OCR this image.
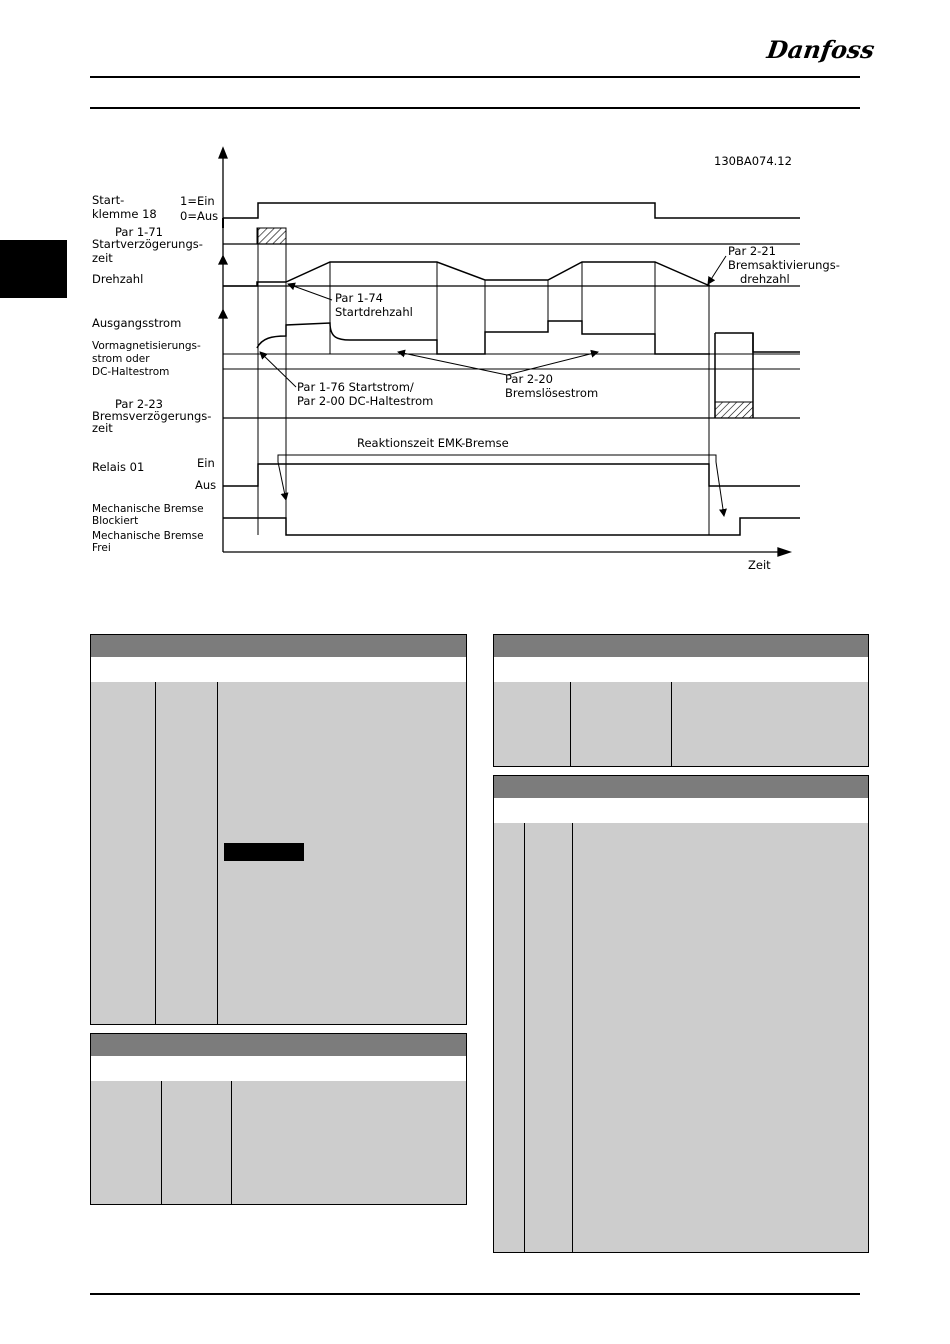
Danfoss
130BA074.12
Start-
klemme 18
1=Ein
0=Aus
Par 1-71
Startverzögerungs-
zeit
Drehzahl
Ausgangsstrom
Vormagnetisierungs-
strom oder
DC-Haltestrom
Par 2-23
Bremsverzögerungs-
zeit
Relais 01	Ein
Aus
Mechanische Bremse
Blockiert
Mechanische Bremse
Frei
Par 1-74
Startdrehzahl
Par 1-76 Startstrom/
Par 2-00 DC-Haltestrom
Par 2-20
Bremslösestrom
Par 2-21
Bremsaktivierungs-
drehzahl
Reaktionszeit EMK-Bremse
Zeit
